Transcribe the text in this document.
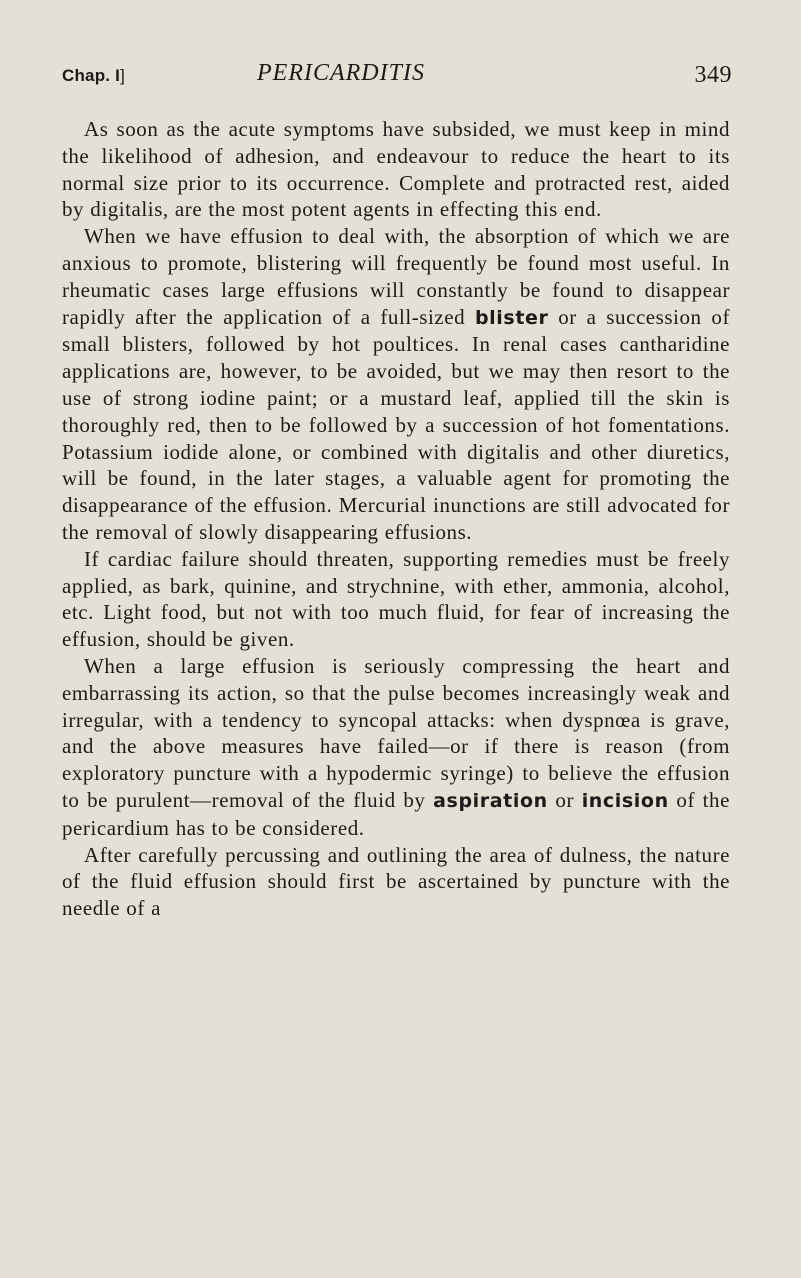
Chap. I]	PERICARDITIS	349

As soon as the acute symptoms have subsided, we must keep in mind the likelihood of adhesion, and endeavour to reduce the heart to its normal size prior to its occurrence. Complete and protracted rest, aided by digitalis, are the most potent agents in effecting this end.

When we have effusion to deal with, the absorption of which we are anxious to promote, blistering will frequently be found most useful. In rheumatic cases large effusions will constantly be found to disappear rapidly after the application of a full-sized blister or a succession of small blisters, followed by hot poultices. In renal cases cantharidine applications are, however, to be avoided, but we may then resort to the use of strong iodine paint; or a mustard leaf, applied till the skin is thoroughly red, then to be followed by a succession of hot fomentations. Potassium iodide alone, or combined with digitalis and other diuretics, will be found, in the later stages, a valuable agent for promoting the disappearance of the effusion. Mercurial inunctions are still advocated for the removal of slowly disappearing effusions.

If cardiac failure should threaten, supporting remedies must be freely applied, as bark, quinine, and strychnine, with ether, ammonia, alcohol, etc. Light food, but not with too much fluid, for fear of increasing the effusion, should be given.

When a large effusion is seriously compressing the heart and embarrassing its action, so that the pulse becomes increasingly weak and irregular, with a tendency to syncopal attacks: when dyspnœa is grave, and the above measures have failed—or if there is reason (from exploratory puncture with a hypodermic syringe) to believe the effusion to be purulent—removal of the fluid by aspiration or incision of the pericardium has to be considered.

After carefully percussing and outlining the area of dulness, the nature of the fluid effusion should first be ascertained by puncture with the needle of a
